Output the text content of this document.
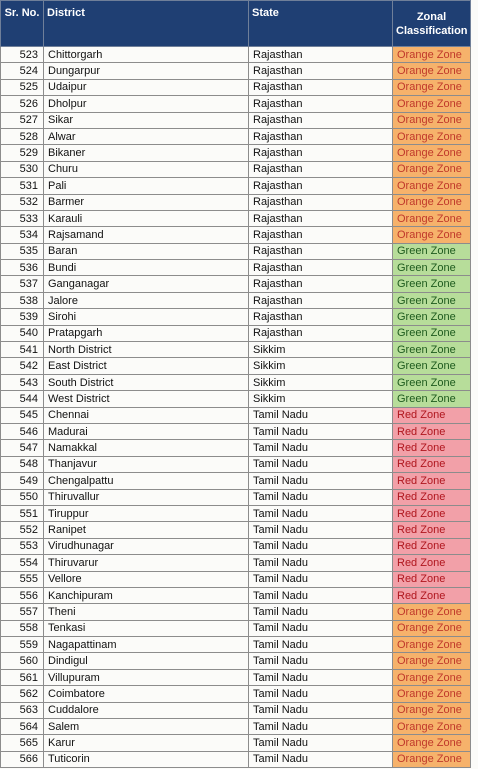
Sr. No.	District	State	Zonal Classification
523	Chittorgarh	Rajasthan	Orange Zone
524	Dungarpur	Rajasthan	Orange Zone
525	Udaipur	Rajasthan	Orange Zone
526	Dholpur	Rajasthan	Orange Zone
527	Sikar	Rajasthan	Orange Zone
528	Alwar	Rajasthan	Orange Zone
529	Bikaner	Rajasthan	Orange Zone
530	Churu	Rajasthan	Orange Zone
531	Pali	Rajasthan	Orange Zone
532	Barmer	Rajasthan	Orange Zone
533	Karauli	Rajasthan	Orange Zone
534	Rajsamand	Rajasthan	Orange Zone
535	Baran	Rajasthan	Green Zone
536	Bundi	Rajasthan	Green Zone
537	Ganganagar	Rajasthan	Green Zone
538	Jalore	Rajasthan	Green Zone
539	Sirohi	Rajasthan	Green Zone
540	Pratapgarh	Rajasthan	Green Zone
541	North District	Sikkim	Green Zone
542	East District	Sikkim	Green Zone
543	South District	Sikkim	Green Zone
544	West District	Sikkim	Green Zone
545	Chennai	Tamil Nadu	Red Zone
546	Madurai	Tamil Nadu	Red Zone
547	Namakkal	Tamil Nadu	Red Zone
548	Thanjavur	Tamil Nadu	Red Zone
549	Chengalpattu	Tamil Nadu	Red Zone
550	Thiruvallur	Tamil Nadu	Red Zone
551	Tiruppur	Tamil Nadu	Red Zone
552	Ranipet	Tamil Nadu	Red Zone
553	Virudhunagar	Tamil Nadu	Red Zone
554	Thiruvarur	Tamil Nadu	Red Zone
555	Vellore	Tamil Nadu	Red Zone
556	Kanchipuram	Tamil Nadu	Red Zone
557	Theni	Tamil Nadu	Orange Zone
558	Tenkasi	Tamil Nadu	Orange Zone
559	Nagapattinam	Tamil Nadu	Orange Zone
560	Dindigul	Tamil Nadu	Orange Zone
561	Villupuram	Tamil Nadu	Orange Zone
562	Coimbatore	Tamil Nadu	Orange Zone
563	Cuddalore	Tamil Nadu	Orange Zone
564	Salem	Tamil Nadu	Orange Zone
565	Karur	Tamil Nadu	Orange Zone
566	Tuticorin	Tamil Nadu	Orange Zone
